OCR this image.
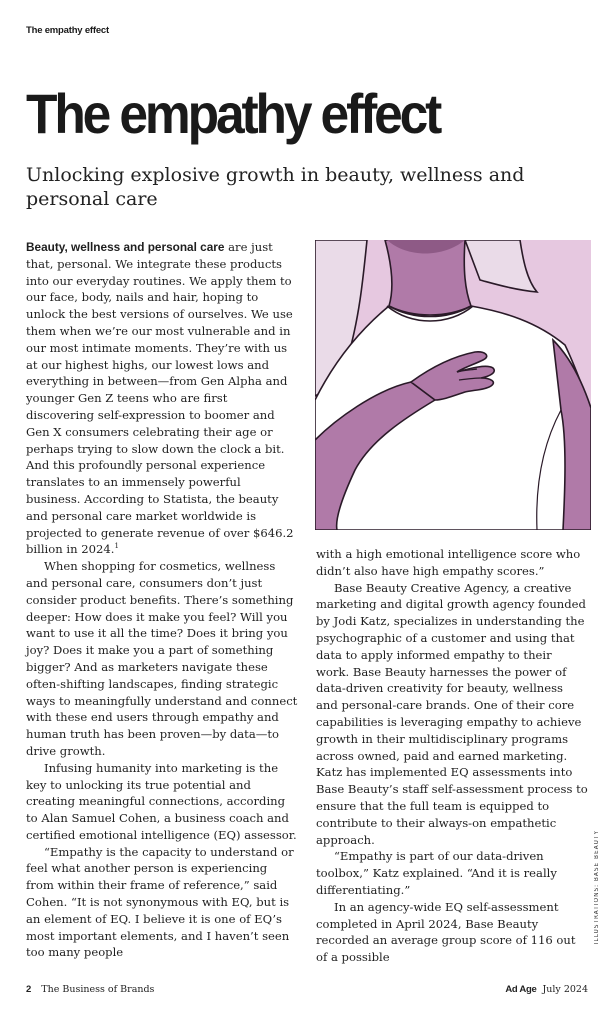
The empathy effect
The empathy effect
Unlocking explosive growth in beauty, wellness and personal care

Beauty, wellness and personal care are just that, personal. We integrate these products into our everyday routines. We apply them to our face, body, nails and hair, hoping to unlock the best versions of ourselves. We use them when we’re our most vulnerable and in our most intimate moments. They’re with us at our highest highs, our lowest lows and everything in between—from Gen Alpha and younger Gen Z teens who are first discovering self-expression to boomer and Gen X consumers celebrating their age or perhaps trying to slow down the clock a bit. And this profoundly personal experience translates to an immensely powerful business. According to Statista, the beauty and personal care market worldwide is projected to generate revenue of over $646.2 billion in 2024.$^1$

When shopping for cosmetics, wellness and personal care, consumers don’t just consider product benefits. There’s something deeper: How does it make you feel? Will you want to use it all the time? Does it bring you joy? Does it make you a part of something bigger? And as marketers navigate these often-shifting landscapes, finding strategic ways to meaningfully understand and connect with these end users through empathy and human truth has been proven—by data—to drive growth.

Infusing humanity into marketing is the key to unlocking its true potential and creating meaningful connections, according to Alan Samuel Cohen, a business coach and certified emotional intelligence (EQ) assessor.

“Empathy is the capacity to understand or feel what another person is experiencing from within their frame of reference,” said Cohen. “It is not synonymous with EQ, but is an element of EQ. I believe it is one of EQ’s most important elements, and I haven’t seen too many people

ILLUSTRATIONS: BASE BEAUTY

with a high emotional intelligence score who didn’t also have high empathy scores.”

Base Beauty Creative Agency, a creative marketing and digital growth agency founded by Jodi Katz, specializes in understanding the psychographic of a customer and using that data to apply informed empathy to their work. Base Beauty harnesses the power of data-driven creativity for beauty, wellness and personal-care brands. One of their core capabilities is leveraging empathy to achieve growth in their multidisciplinary programs across owned, paid and earned marketing. Katz has implemented EQ assessments into Base Beauty’s staff self-assessment process to ensure that the full team is equipped to contribute to their always-on empathetic approach.

“Empathy is part of our data-driven toolbox,” Katz explained. “And it is really differentiating.”

In an agency-wide EQ self-assessment completed in April 2024, Base Beauty recorded an average group score of 116 out of a possible

2 The Business of Brands	Ad Age July 2024
